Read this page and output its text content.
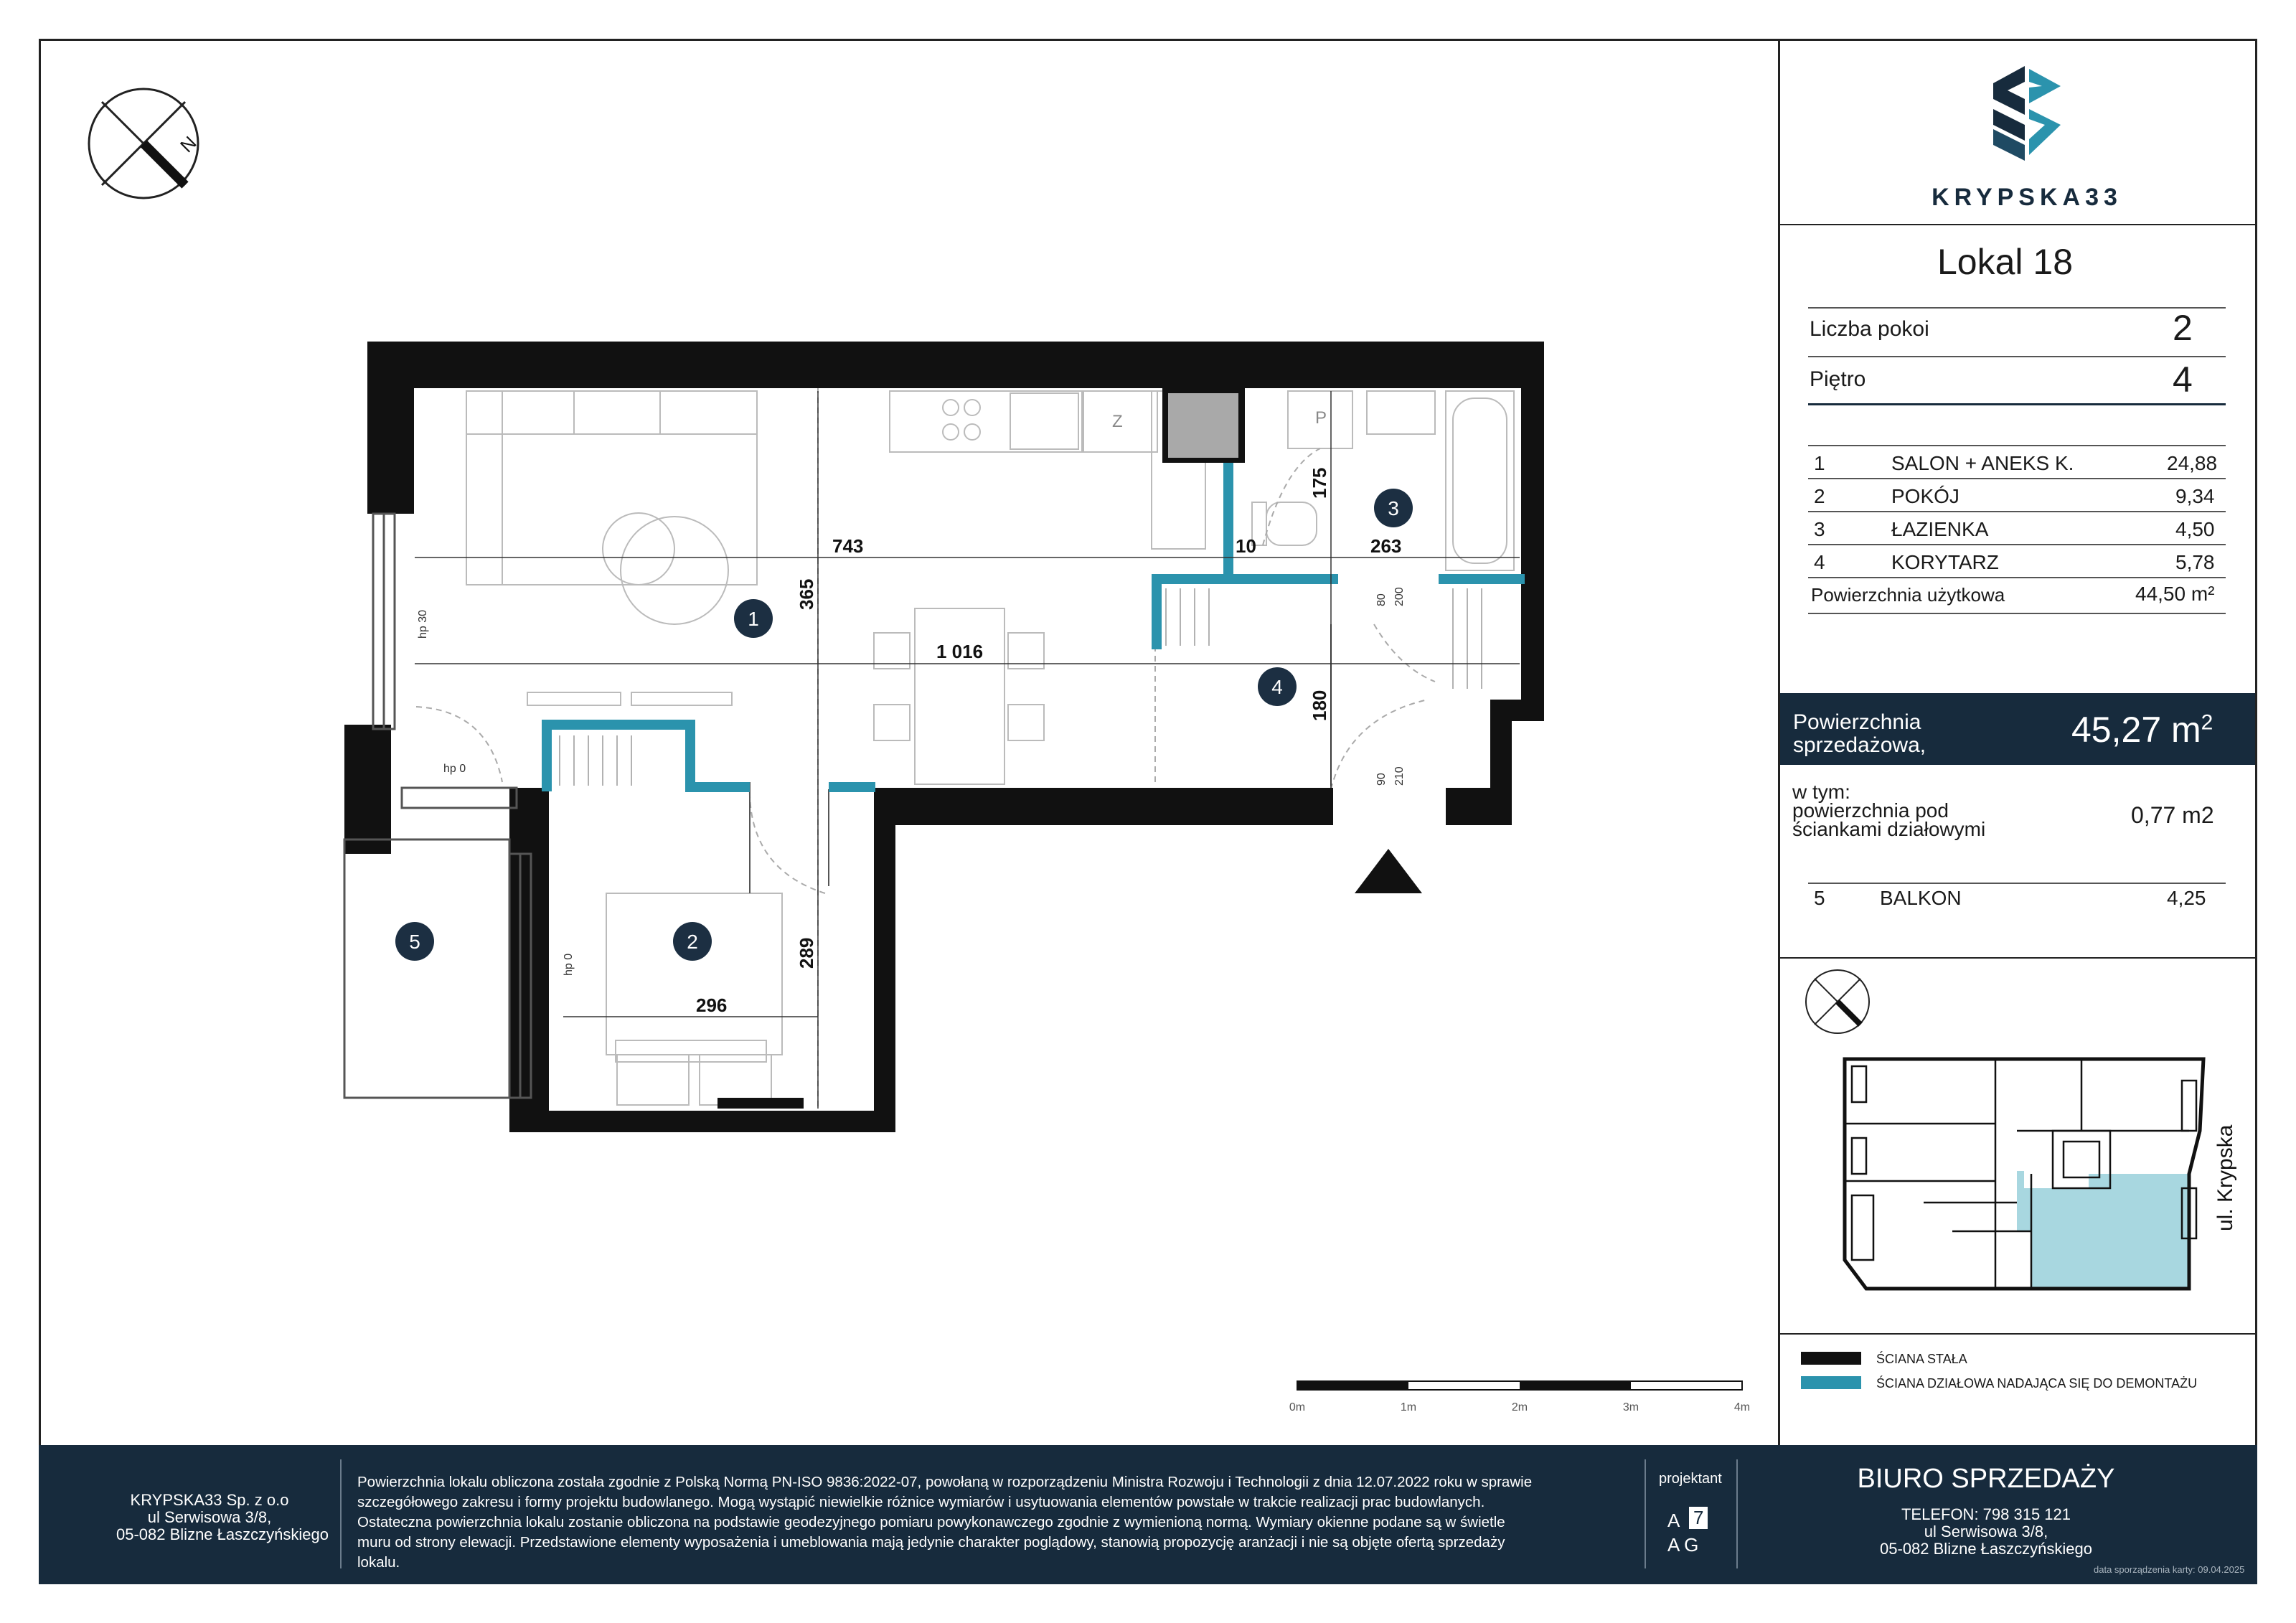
N
743	10	263
1 016
296
365
175
180
289
hp 30
hp 0
hp 0
80 200
90 210
Z	P
1
2
3
4
5
0m	1m	2m	3m	4m
KRYPSKA33
Lokal 18
Liczba pokoi	2
Piętro	4
1	SALON + ANEKS K.	24,88
2	POKÓJ	9,34
3	ŁAZIENKA	4,50
4	KORYTARZ	5,78
Powierzchnia użytkowa	44,50 m²
Powierzchnia
sprzedażowa,	45,27 $m^2$
w tym:
powierzchnia pod
ściankami działowymi
0,77 m2
5	BALKON	4,25
ul. Krypska
ŚCIANA STAŁA
ŚCIANA DZIAŁOWA NADAJĄCA SIĘ DO DEMONTAŻU
KRYPSKA33 Sp. z o.o
ul Serwisowa 3/8,
05-082 Blizne Łaszczyńskiego
Powierzchnia lokalu obliczona została zgodnie z Polską Normą PN-ISO 9836:2022-07, powołaną w rozporządzeniu Ministra Rozwoju i Technologii z dnia 12.07.2022 roku w sprawie
szczegółowego zakresu i formy projektu budowlanego. Mogą wystąpić niewielkie różnice wymiarów i usytuowania elementów powstałe w trakcie realizacji prac budowlanych.
Ostateczna powierzchnia lokalu zostanie obliczona na podstawie geodezyjnego pomiaru powykonawczego zgodnie z wymienioną normą. Wymiary okienne podane są w świetle
muru od strony elewacji. Przedstawione elementy wyposażenia i umeblowania mają jedynie charakter poglądowy, stanowią propozycję aranżacji i nie są objęte ofertą sprzedaży
lokalu.
projektant
A 7
A G
BIURO SPRZEDAŻY
TELEFON: 798 315 121
ul Serwisowa 3/8,
05-082 Blizne Łaszczyńskiego
data sporządzenia karty: 09.04.2025
